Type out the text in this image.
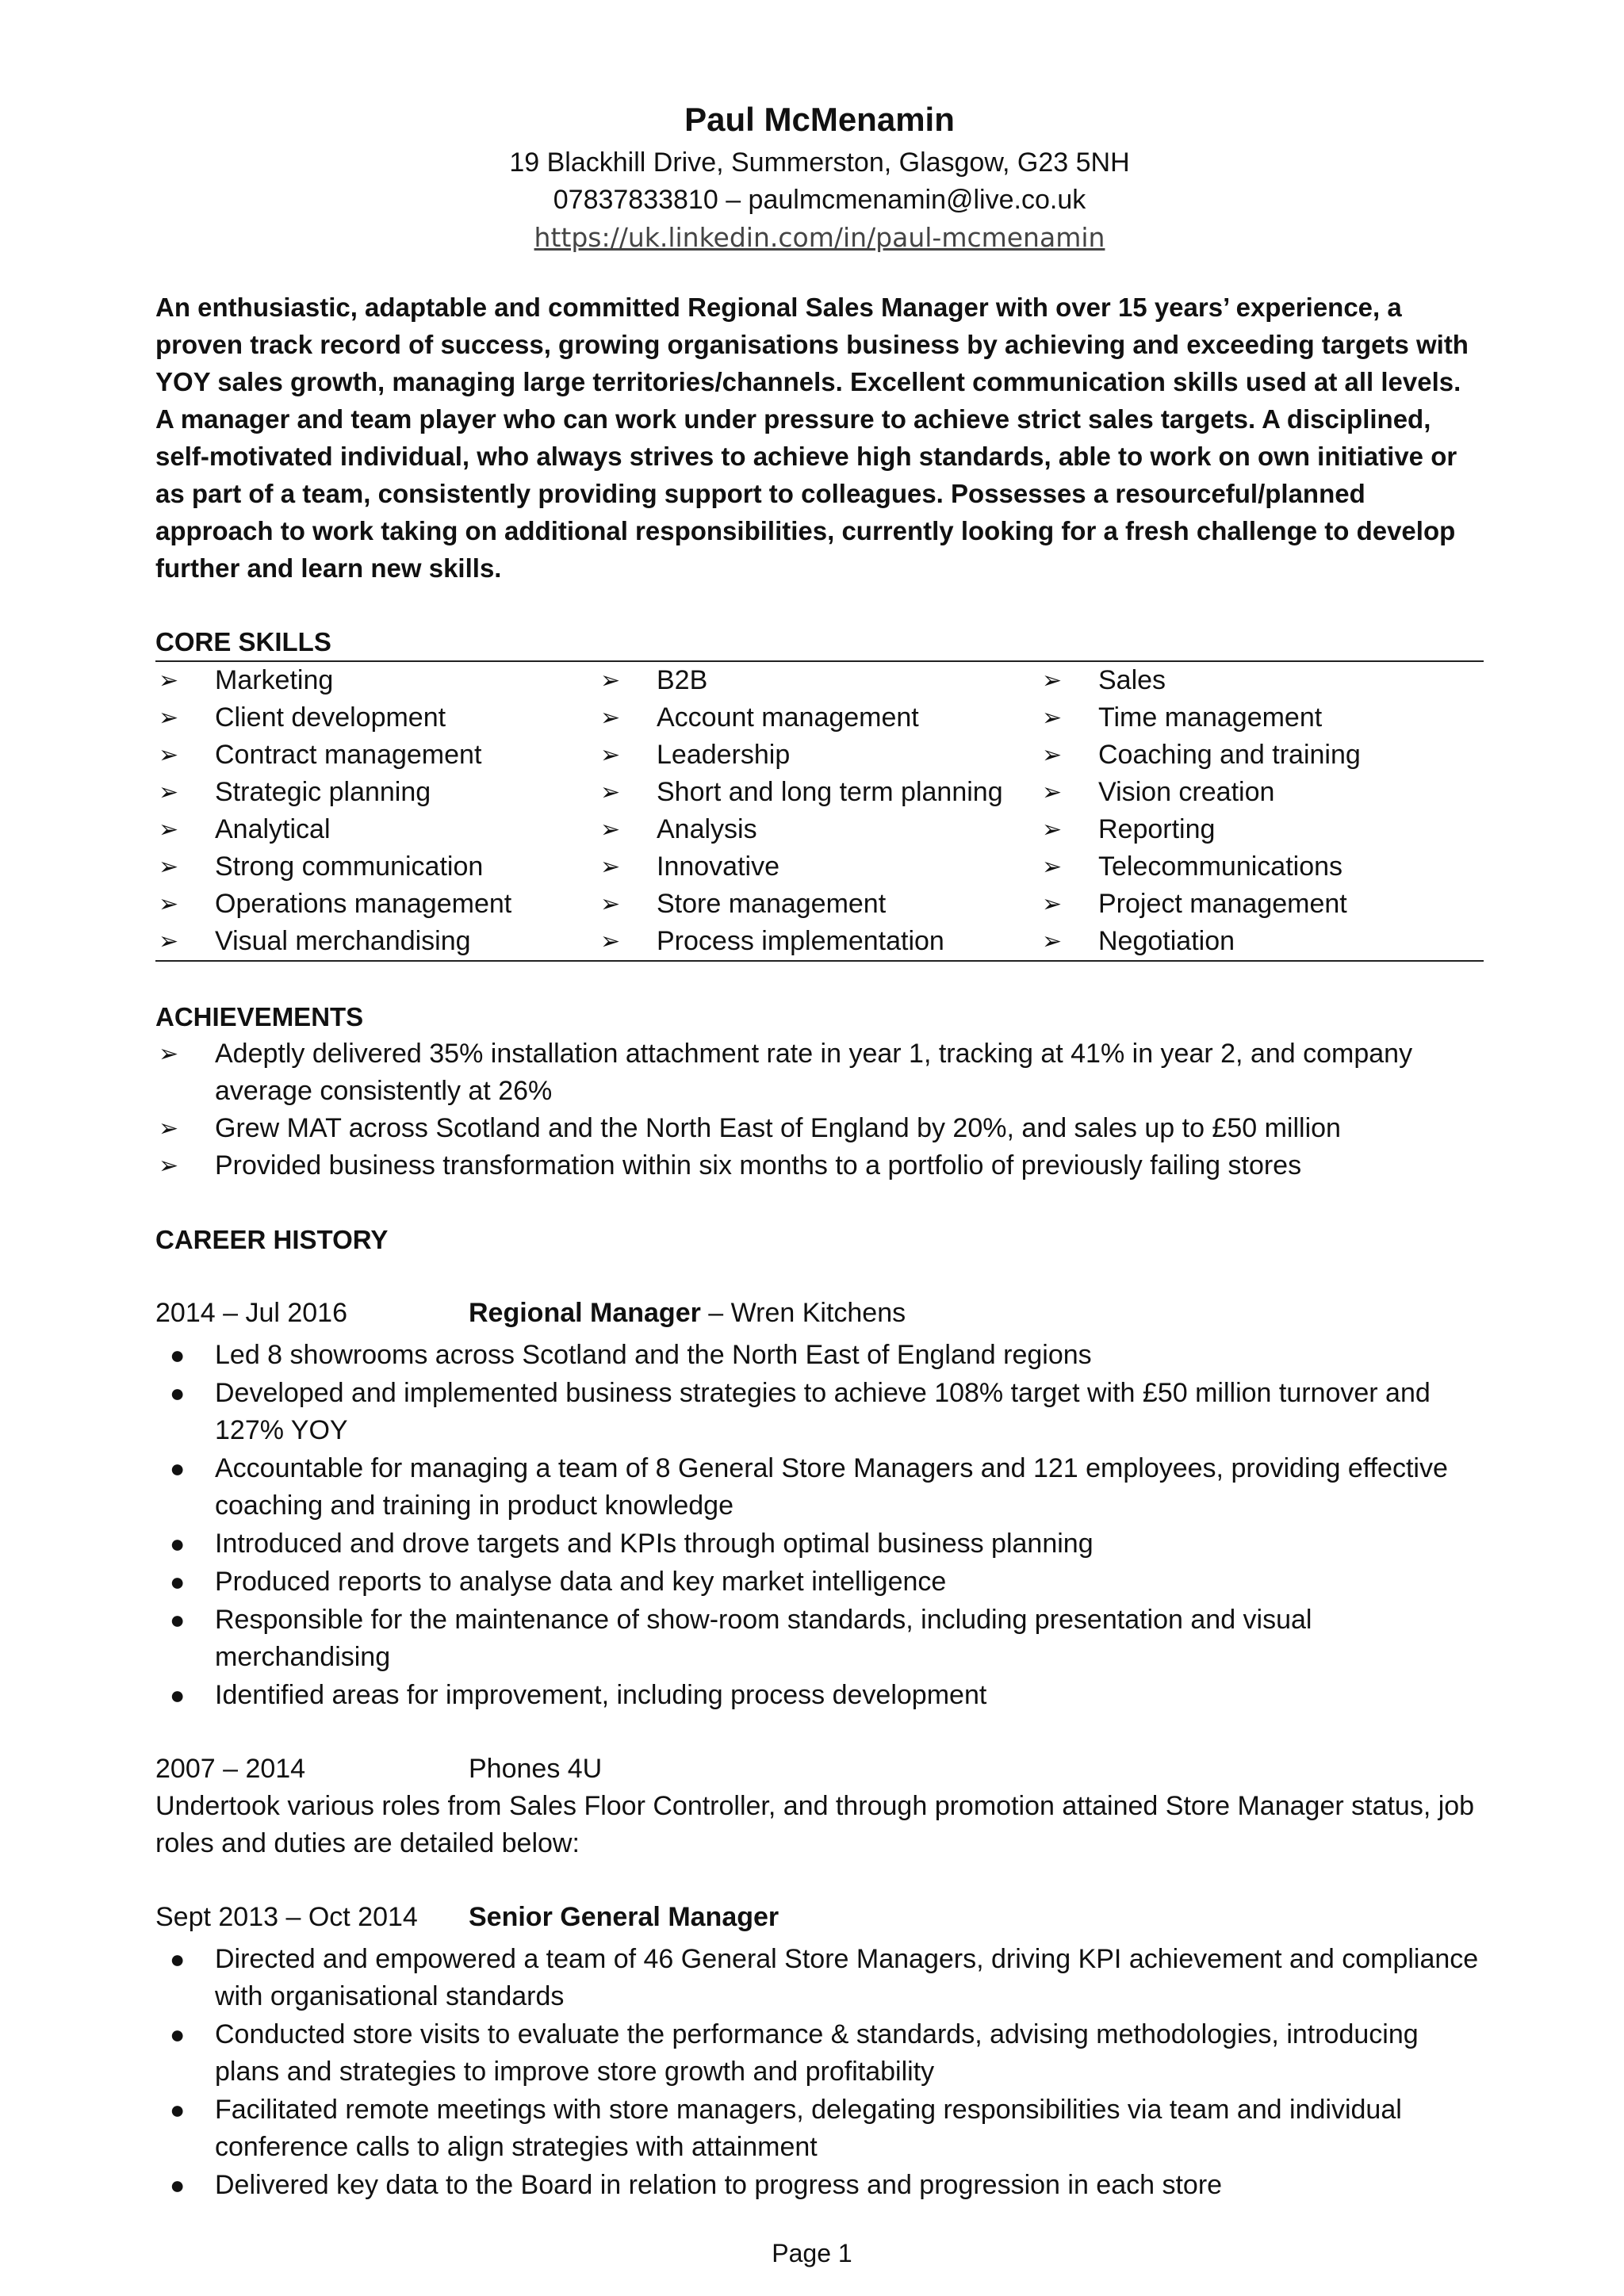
Paul McMenamin
19 Blackhill Drive, Summerston, Glasgow, G23 5NH
07837833810 – paulmcmenamin@live.co.uk
https://uk.linkedin.com/in/paul-mcmenamin
An enthusiastic, adaptable and committed Regional Sales Manager with over 15 years’ experience, a proven track record of success, growing organisations business by achieving and exceeding targets with YOY sales growth, managing large territories/channels. Excellent communication skills used at all levels. A manager and team player who can work under pressure to achieve strict sales targets. A disciplined, self-motivated individual, who always strives to achieve high standards, able to work on own initiative or as part of a team, consistently providing support to colleagues. Possesses a resourceful/planned approach to work taking on additional responsibilities, currently looking for a fresh challenge to develop further and learn new skills.
CORE SKILLS
➢ Marketing	➢ B2B	➢ Sales
➢ Client development	➢ Account management	➢ Time management
➢ Contract management	➢ Leadership	➢ Coaching and training
➢ Strategic planning	➢ Short and long term planning	➢ Vision creation
➢ Analytical	➢ Analysis	➢ Reporting
➢ Strong communication	➢ Innovative	➢ Telecommunications
➢ Operations management	➢ Store management	➢ Project management
➢ Visual merchandising	➢ Process implementation	➢ Negotiation
ACHIEVEMENTS
➢ Adeptly delivered 35% installation attachment rate in year 1, tracking at 41% in year 2, and company average consistently at 26%
➢ Grew MAT across Scotland and the North East of England by 20%, and sales up to £50 million
➢ Provided business transformation within six months to a portfolio of previously failing stores
CAREER HISTORY
2014 – Jul 2016	Regional Manager – Wren Kitchens
● Led 8 showrooms across Scotland and the North East of England regions
● Developed and implemented business strategies to achieve 108% target with £50 million turnover and 127% YOY
● Accountable for managing a team of 8 General Store Managers and 121 employees, providing effective coaching and training in product knowledge
● Introduced and drove targets and KPIs through optimal business planning
● Produced reports to analyse data and key market intelligence
● Responsible for the maintenance of show-room standards, including presentation and visual merchandising
● Identified areas for improvement, including process development
2007 – 2014	Phones 4U
Undertook various roles from Sales Floor Controller, and through promotion attained Store Manager status, job roles and duties are detailed below:
Sept 2013 – Oct 2014 Senior General Manager
● Directed and empowered a team of 46 General Store Managers, driving KPI achievement and compliance with organisational standards
● Conducted store visits to evaluate the performance & standards, advising methodologies, introducing plans and strategies to improve store growth and profitability
● Facilitated remote meetings with store managers, delegating responsibilities via team and individual conference calls to align strategies with attainment
● Delivered key data to the Board in relation to progress and progression in each store
Page 1
